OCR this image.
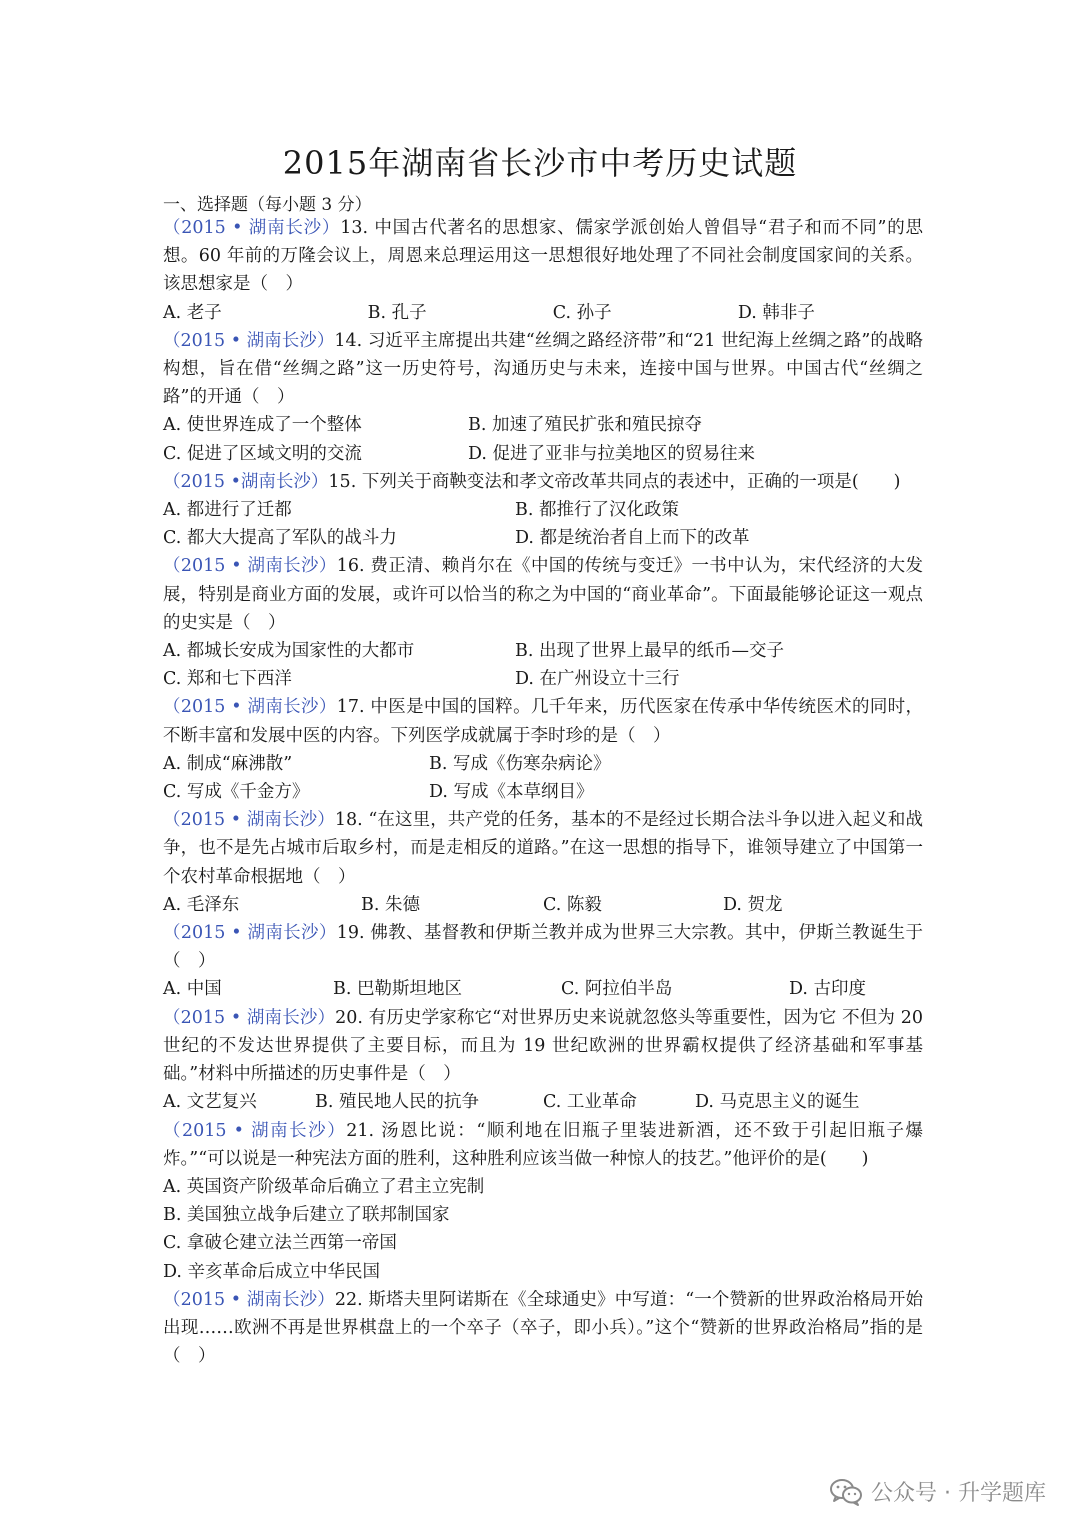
2015年湖南省长沙市中考历史试题
一、选择题（每小题 3 分）
（2015 • 湖南长沙）13. 中国古代著名的思想家、儒家学派创始人曾倡导“君子和而不同”的思想。60 年前的万隆会议上，周恩来总理运用这一思想很好地处理了不同社会制度国家间的关系。该思想家是（　）
A. 老子	B. 孔子	C. 孙子	D. 韩非子
（2015 • 湖南长沙）14. 习近平主席提出共建“丝绸之路经济带”和“21 世纪海上丝绸之路”的战略构想，旨在借“丝绸之路”这一历史符号，沟通历史与未来，连接中国与世界。中国古代“丝绸之路”的开通（　）
A. 使世界连成了一个整体	B. 加速了殖民扩张和殖民掠夺
C. 促进了区域文明的交流	D. 促进了亚非与拉美地区的贸易往来
（2015 •湖南长沙）15. 下列关于商鞅变法和孝文帝改革共同点的表述中，正确的一项是(　　)
A. 都进行了迁都	B. 都推行了汉化政策
C. 都大大提高了军队的战斗力	D. 都是统治者自上而下的改革
（2015 • 湖南长沙）16. 费正清、赖肖尔在《中国的传统与变迁》一书中认为，宋代经济的大发展，特别是商业方面的发展，或许可以恰当的称之为中国的“商业革命”。下面最能够论证这一观点的史实是（　）
A. 都城长安成为国家性的大都市	B. 出现了世界上最早的纸币—交子
C. 郑和七下西洋	D. 在广州设立十三行
（2015 • 湖南长沙）17. 中医是中国的国粹。几千年来，历代医家在传承中华传统医术的同时，不断丰富和发展中医的内容。下列医学成就属于李时珍的是（　）
A. 制成“麻沸散”	B. 写成《伤寒杂病论》
C. 写成《千金方》	D. 写成《本草纲目》
（2015 • 湖南长沙）18. “在这里，共产党的任务，基本的不是经过长期合法斗争以进入起义和战争，也不是先占城市后取乡村，而是走相反的道路。”在这一思想的指导下，谁领导建立了中国第一个农村革命根据地（　）
A. 毛泽东	B. 朱德	C. 陈毅	D. 贺龙
（2015 • 湖南长沙）19. 佛教、基督教和伊斯兰教并成为世界三大宗教。其中，伊斯兰教诞生于（　）
A. 中国	B. 巴勒斯坦地区	C. 阿拉伯半岛	D. 古印度
（2015 • 湖南长沙）20. 有历史学家称它“对世界历史来说就忽悠头等重要性，因为它 不但为 20 世纪的不发达世界提供了主要目标，而且为 19 世纪欧洲的世界霸权提供了经济基础和军事基础。”材料中所描述的历史事件是（　）
A. 文艺复兴	B. 殖民地人民的抗争	C. 工业革命	D. 马克思主义的诞生
（2015 • 湖南长沙）21. 汤恩比说：“顺利地在旧瓶子里装进新酒，还不致于引起旧瓶子爆炸。”“可以说是一种宪法方面的胜利，这种胜利应该当做一种惊人的技艺。”他评价的是(　　)
A. 英国资产阶级革命后确立了君主立宪制
B. 美国独立战争后建立了联邦制国家
C. 拿破仑建立法兰西第一帝国
D. 辛亥革命后成立中华民国
（2015 • 湖南长沙）22. 斯塔夫里阿诺斯在《全球通史》中写道：“一个赞新的世界政治格局开始出现……欧洲不再是世界棋盘上的一个卒子（卒子，即小兵）。”这个“赞新的世界政治格局”指的是（　）
公众号 · 升学题库
